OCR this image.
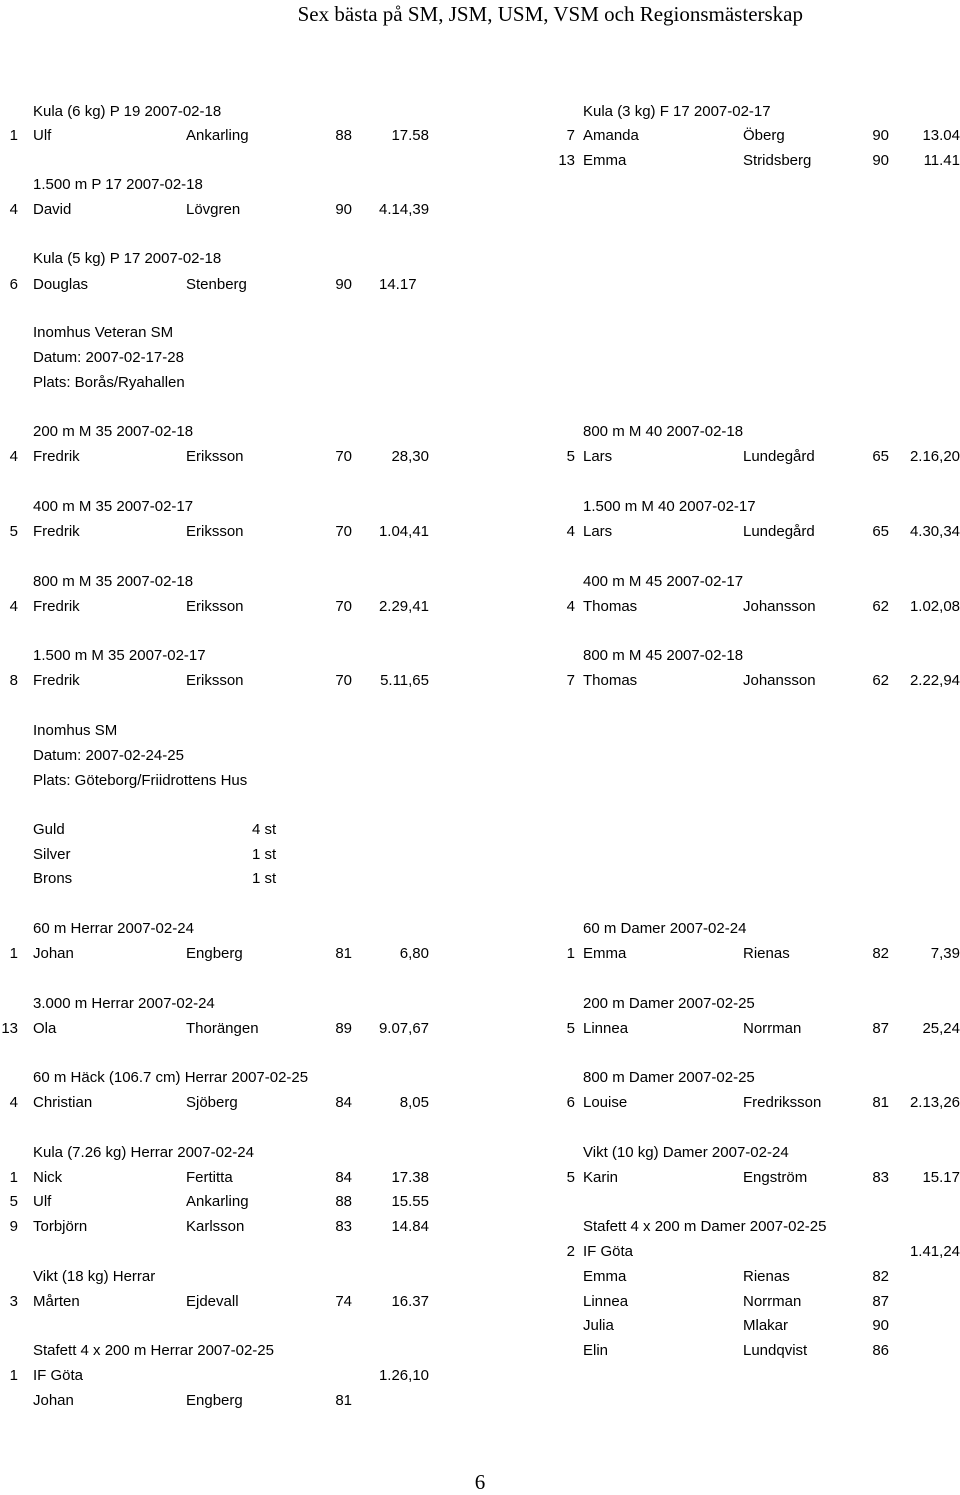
Sex bästa på SM, JSM, USM, VSM och Regionsmästerskap
Kula (6 kg) P 19 2007-02-18
1 Ulf	Ankarling	88	17.58
1.500 m P 17 2007-02-18
4 David	Lövgren	90 4.14,39
Kula (5 kg) P 17 2007-02-18
6 Douglas	Stenberg	90 14.17
Inomhus Veteran SM
Datum: 2007-02-17-28
Plats: Borås/Ryahallen
200 m M 35 2007-02-18
4 Fredrik	Eriksson	70	28,30
400 m M 35 2007-02-17
5 Fredrik	Eriksson	70	1.04,41
800 m M 35 2007-02-18
4 Fredrik	Eriksson	70	2.29,41
1.500 m M 35 2007-02-17
8 Fredrik	Eriksson	70	5.11,65
Inomhus SM
Datum: 2007-02-24-25
Plats: Göteborg/Friidrottens Hus
Guld	4 st
Silver	1 st
Brons	1 st
60 m Herrar 2007-02-24
1 Johan	Engberg	81	6,80
3.000 m Herrar 2007-02-24
13 Ola	Thorängen	89	9.07,67
60 m Häck (106.7 cm) Herrar 2007-02-25
4 Christian	Sjöberg	84	8,05
Kula (7.26 kg) Herrar 2007-02-24
1 Nick	Fertitta	84	17.38
5 Ulf	Ankarling	88	15.55
9 Torbjörn	Karlsson	83	14.84
Vikt (18 kg) Herrar
3 Mårten	Ejdevall	74	16.37
Stafett 4 x 200 m Herrar 2007-02-25
1 IF Göta	1.26,10
Johan	Engberg	81
Kula (3 kg) F 17 2007-02-17
7 Amanda	Öberg	90	13.04
13 Emma	Stridsberg	90	11.41
800 m M 40 2007-02-18
5 Lars	Lundegård	65	2.16,20
1.500 m M 40 2007-02-17
4 Lars	Lundegård	65	4.30,34
400 m M 45 2007-02-17
4 Thomas	Johansson	62	1.02,08
800 m M 45 2007-02-18
7 Thomas	Johansson	62	2.22,94
60 m Damer 2007-02-24
1 Emma	Rienas	82	7,39
200 m Damer 2007-02-25
5 Linnea	Norrman	87	25,24
800 m Damer 2007-02-25
6 Louise	Fredriksson	81	2.13,26
Vikt (10 kg) Damer 2007-02-24
5 Karin	Engström	83	15.17
Stafett 4 x 200 m Damer 2007-02-25
2 IF Göta	1.41,24
Emma	Rienas	82
Linnea	Norrman	87
Julia	Mlakar	90
Elin	Lundqvist	86
6
